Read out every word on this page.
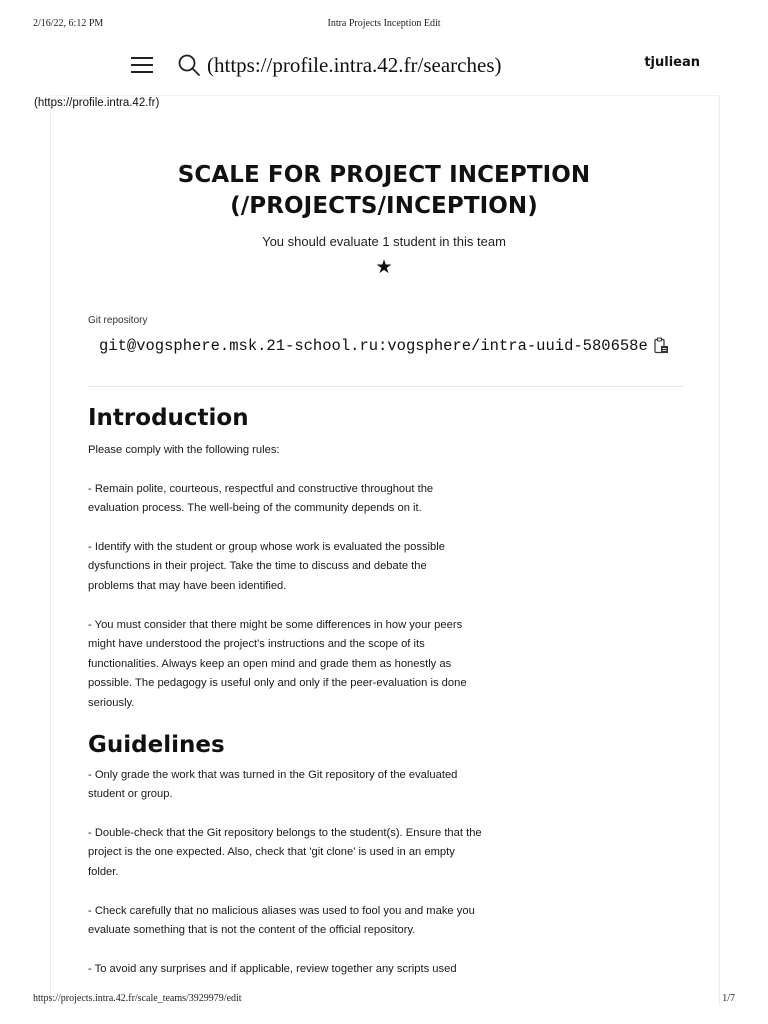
2/16/22, 6:12 PM	Intra Projects Inception Edit
(https://profile.intra.42.fr/searches)	tjuliean
(https://profile.intra.42.fr)
SCALE FOR PROJECT INCEPTION
(/PROJECTS/INCEPTION)
You should evaluate 1 student in this team
★
Git repository
git@vogsphere.msk.21-school.ru:vogsphere/intra-uuid-580658e
Introduction

Please comply with the following rules:

- Remain polite, courteous, respectful and constructive throughout the evaluation process. The well-being of the community depends on it.

- Identify with the student or group whose work is evaluated the possible dysfunctions in their project. Take the time to discuss and debate the problems that may have been identified.

- You must consider that there might be some differences in how your peers might have understood the project's instructions and the scope of its functionalities. Always keep an open mind and grade them as honestly as possible. The pedagogy is useful only and only if the peer-evaluation is done seriously.

Guidelines

- Only grade the work that was turned in the Git repository of the evaluated student or group.

- Double-check that the Git repository belongs to the student(s). Ensure that the project is the one expected. Also, check that 'git clone' is used in an empty folder.

- Check carefully that no malicious aliases was used to fool you and make you evaluate something that is not the content of the official repository.

- To avoid any surprises and if applicable, review together any scripts used

https://projects.intra.42.fr/scale_teams/3929979/edit	1/7
